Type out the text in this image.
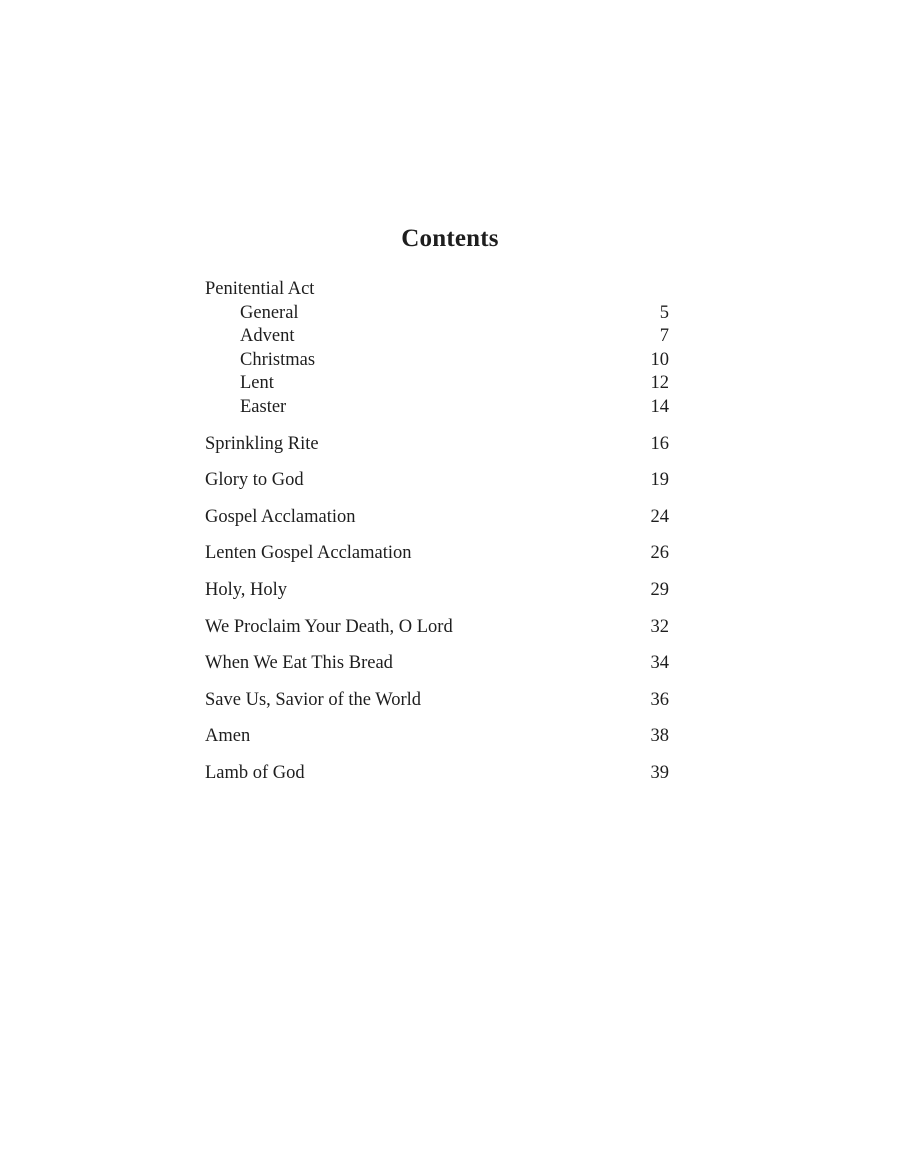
Contents
Penitential Act
General	5
Advent	7
Christmas	10
Lent	12
Easter	14
Sprinkling Rite	16
Glory to God	19
Gospel Acclamation	24
Lenten Gospel Acclamation	26
Holy, Holy	29
We Proclaim Your Death, O Lord	32
When We Eat This Bread	34
Save Us, Savior of the World	36
Amen	38
Lamb of God	39
